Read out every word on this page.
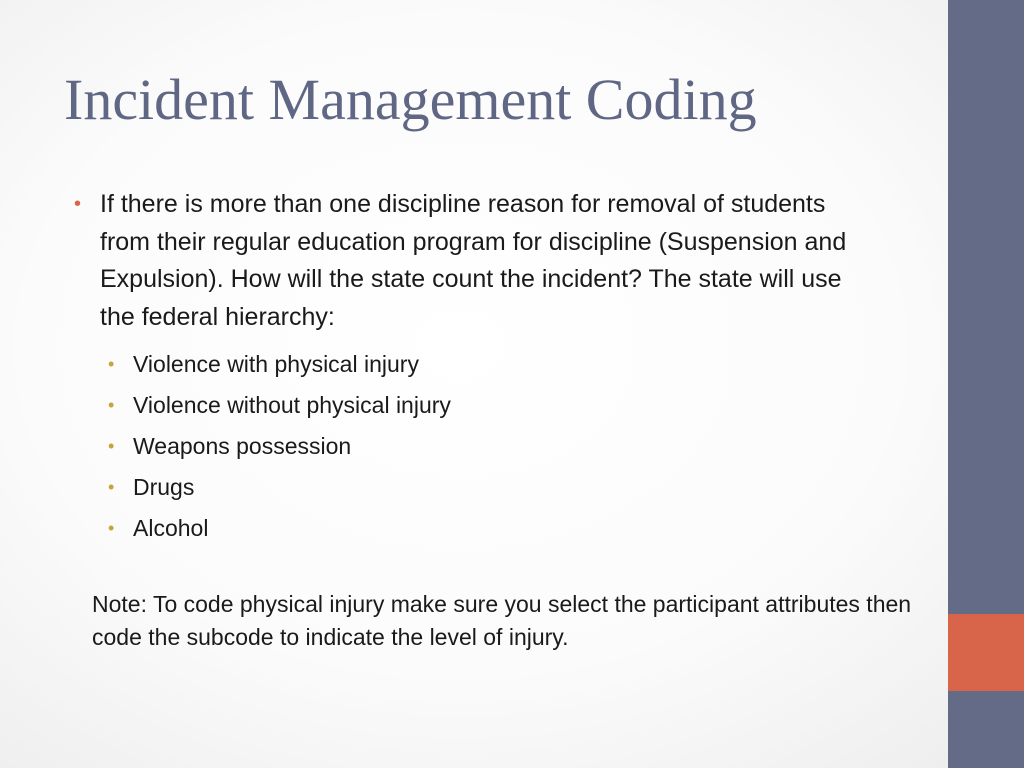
Incident Management Coding
• If there is more than one discipline reason for removal of students from their regular education program for discipline (Suspension and Expulsion). How will the state count the incident? The state will use the federal hierarchy:
• Violence with physical injury
• Violence without physical injury
• Weapons possession
• Drugs
• Alcohol

Note: To code physical injury make sure you select the participant attributes then code the subcode to indicate the level of injury.
